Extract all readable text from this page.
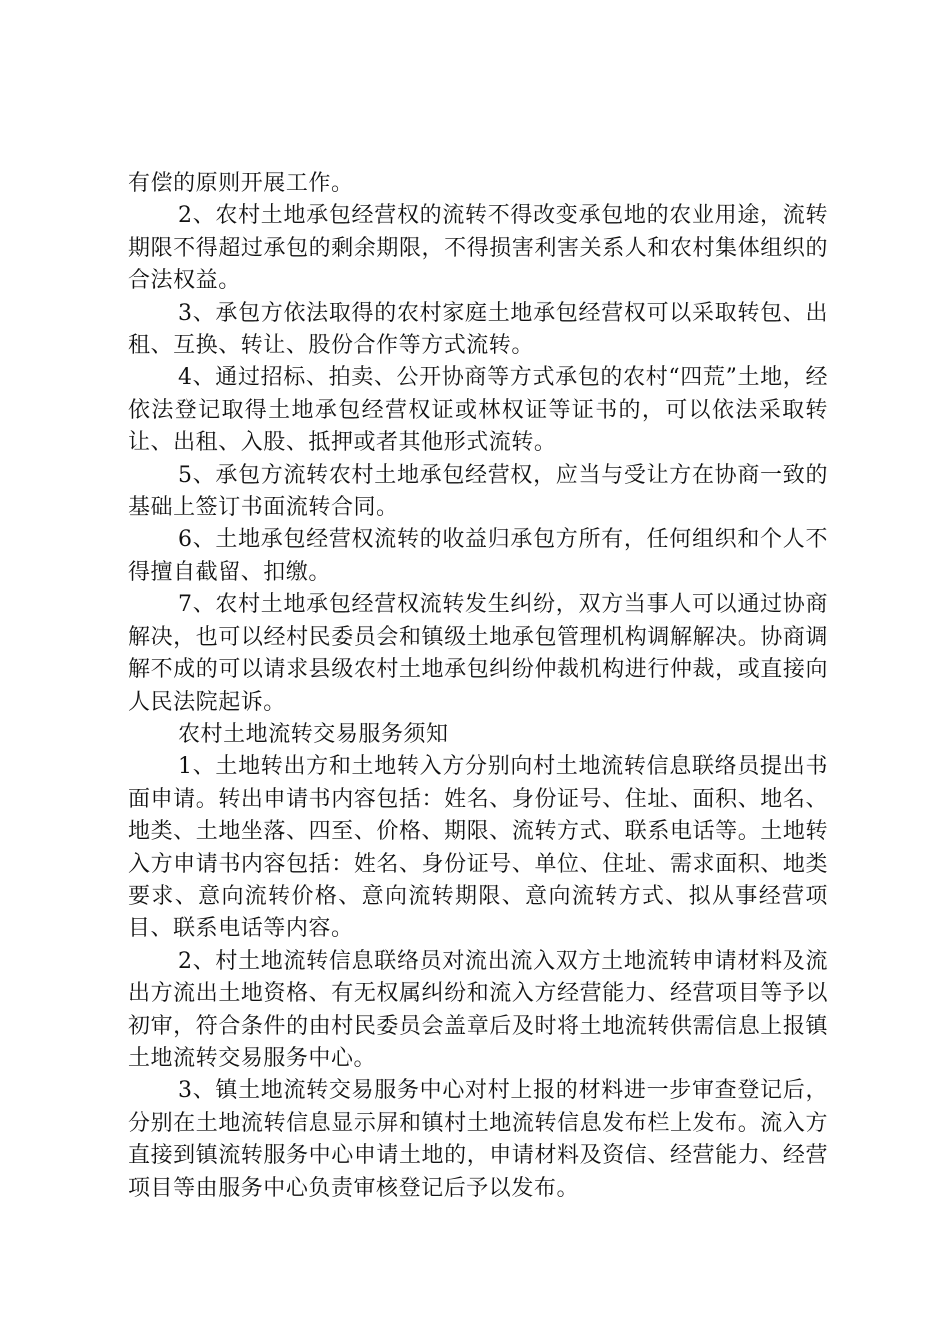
有偿的原则开展工作。

2、农村土地承包经营权的流转不得改变承包地的农业用途，流转期限不得超过承包的剩余期限，不得损害利害关系人和农村集体组织的合法权益。

3、承包方依法取得的农村家庭土地承包经营权可以采取转包、出租、互换、转让、股份合作等方式流转。

4、通过招标、拍卖、公开协商等方式承包的农村“四荒”土地，经依法登记取得土地承包经营权证或林权证等证书的，可以依法采取转让、出租、入股、抵押或者其他形式流转。

5、承包方流转农村土地承包经营权，应当与受让方在协商一致的基础上签订书面流转合同。

6、土地承包经营权流转的收益归承包方所有，任何组织和个人不得擅自截留、扣缴。

7、农村土地承包经营权流转发生纠纷，双方当事人可以通过协商解决，也可以经村民委员会和镇级土地承包管理机构调解解决。协商调解不成的可以请求县级农村土地承包纠纷仲裁机构进行仲裁，或直接向人民法院起诉。

农村土地流转交易服务须知

1、土地转出方和土地转入方分别向村土地流转信息联络员提出书面申请。转出申请书内容包括：姓名、身份证号、住址、面积、地名、地类、土地坐落、四至、价格、期限、流转方式、联系电话等。土地转入方申请书内容包括：姓名、身份证号、单位、住址、需求面积、地类要求、意向流转价格、意向流转期限、意向流转方式、拟从事经营项目、联系电话等内容。

2、村土地流转信息联络员对流出流入双方土地流转申请材料及流出方流出土地资格、有无权属纠纷和流入方经营能力、经营项目等予以初审，符合条件的由村民委员会盖章后及时将土地流转供需信息上报镇土地流转交易服务中心。

3、镇土地流转交易服务中心对村上报的材料进一步审查登记后，分别在土地流转信息显示屏和镇村土地流转信息发布栏上发布。流入方直接到镇流转服务中心申请土地的，申请材料及资信、经营能力、经营项目等由服务中心负责审核登记后予以发布。
